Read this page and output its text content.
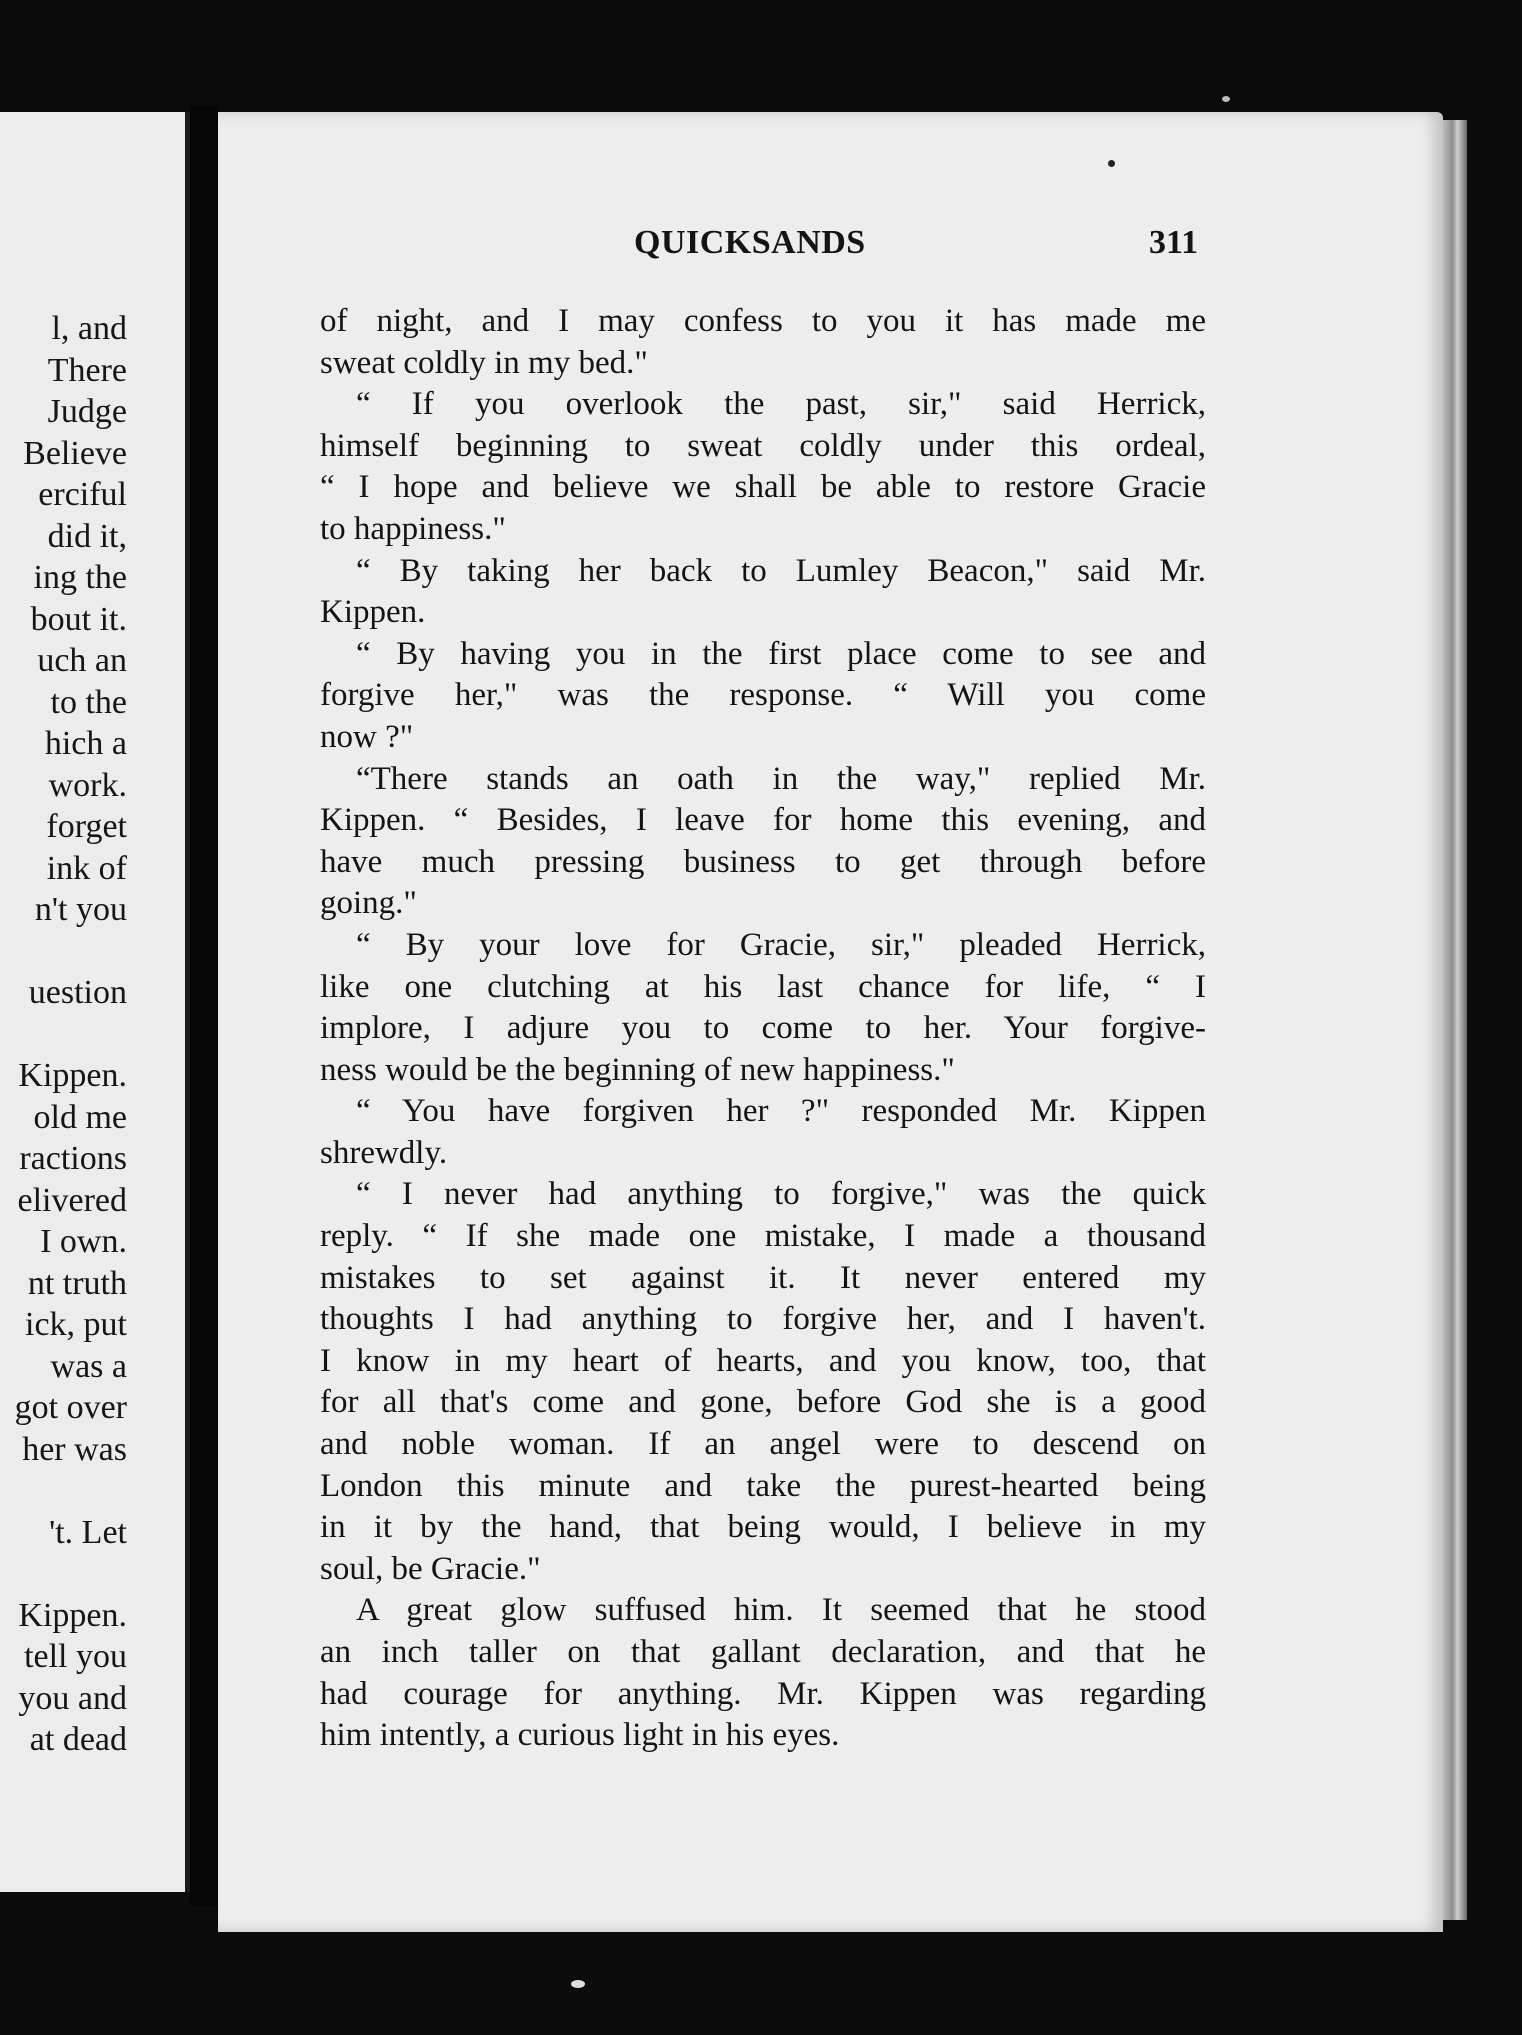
l, and
There
Judge
Believe
erciful
did it,
ing the
bout it.
uch an
to the
hich a
work.
forget
ink of
n't you
uestion
Kippen.
old me
ractions
elivered
I own.
nt truth
ick, put
was a
got over
her was
't. Let
Kippen.
tell you
you and
at dead
QUICKSANDS	311
of night, and I may confess to you it has made me
sweat coldly in my bed."
“ If you overlook the past, sir," said Herrick,
himself beginning to sweat coldly under this ordeal,
“ I hope and believe we shall be able to restore Gracie
to happiness."
“ By taking her back to Lumley Beacon," said Mr.
Kippen.
“ By having you in the first place come to see and
forgive her," was the response. “ Will you come
now ?"
“There stands an oath in the way," replied Mr.
Kippen. “ Besides, I leave for home this evening, and
have much pressing business to get through before
going."
“ By your love for Gracie, sir," pleaded Herrick,
like one clutching at his last chance for life, “ I
implore, I adjure you to come to her. Your forgive-
ness would be the beginning of new happiness."
“ You have forgiven her ?" responded Mr. Kippen
shrewdly.
“ I never had anything to forgive," was the quick
reply. “ If she made one mistake, I made a thousand
mistakes to set against it. It never entered my
thoughts I had anything to forgive her, and I haven't.
I know in my heart of hearts, and you know, too, that
for all that's come and gone, before God she is a good
and noble woman. If an angel were to descend on
London this minute and take the purest-hearted being
in it by the hand, that being would, I believe in my
soul, be Gracie."
A great glow suffused him. It seemed that he stood
an inch taller on that gallant declaration, and that he
had courage for anything. Mr. Kippen was regarding
him intently, a curious light in his eyes.
